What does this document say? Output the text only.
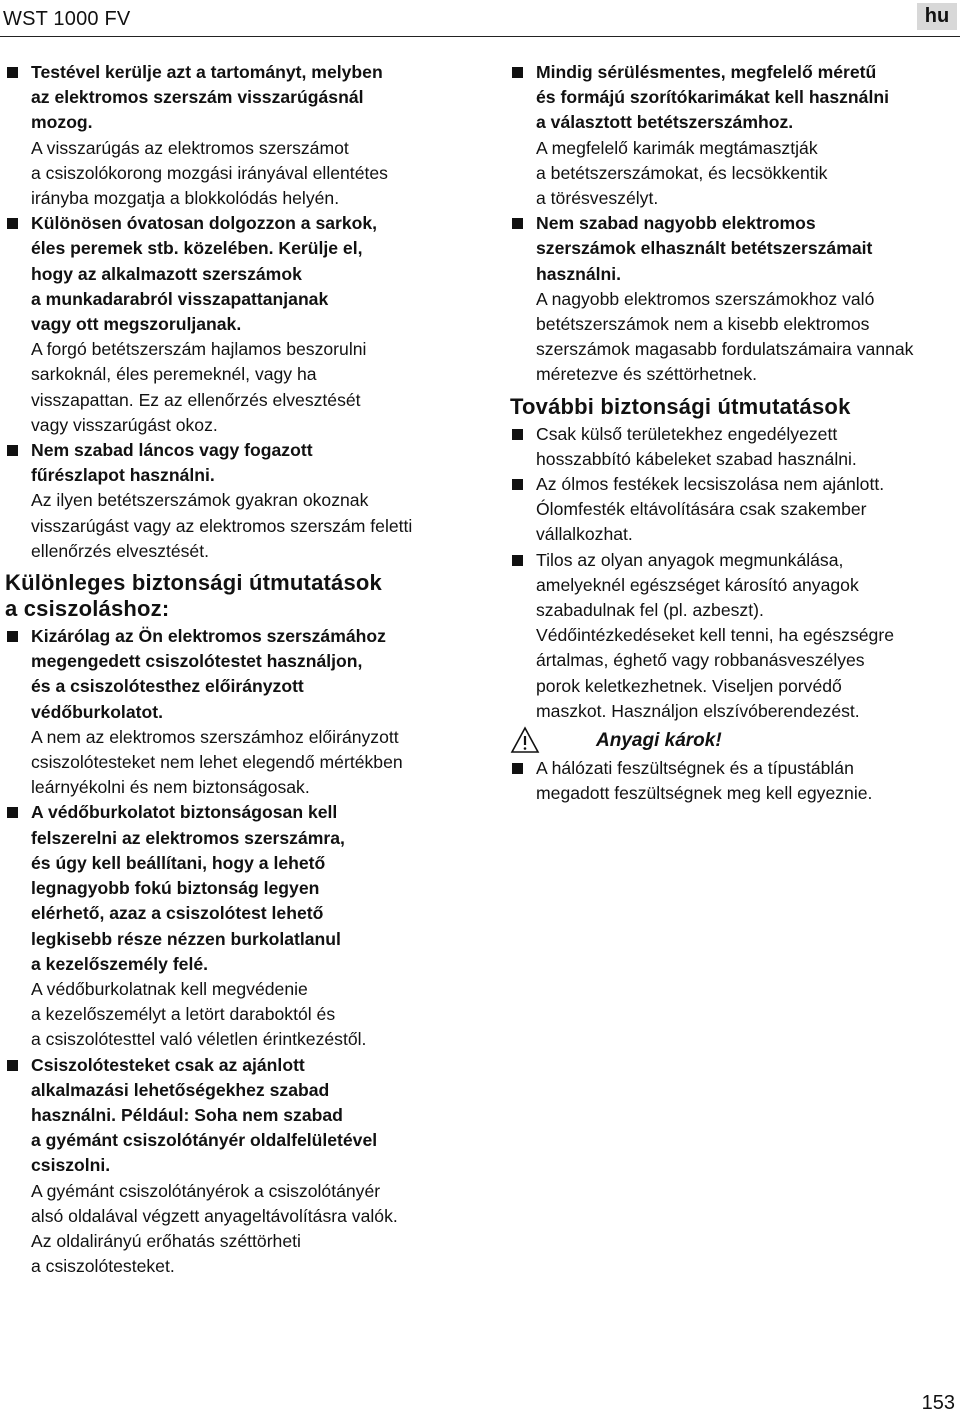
WST 1000 FV	hu
Testével kerülje azt a tartományt, melyben
az elektromos szerszám visszarúgásnál
mozog.
A visszarúgás az elektromos szerszámot
a csiszolókorong mozgási irányával ellentétes
irányba mozgatja a blokkolódás helyén.
Különösen óvatosan dolgozzon a sarkok,
éles peremek stb. közelében. Kerülje el,
hogy az alkalmazott szerszámok
a munkadarabról visszapattanjanak
vagy ott megszoruljanak.
A forgó betétszerszám hajlamos beszorulni
sarkoknál, éles peremeknél, vagy ha
visszapattan. Ez az ellenőrzés elvesztését
vagy visszarúgást okoz.
Nem szabad láncos vagy fogazott
fűrészlapot használni.
Az ilyen betétszerszámok gyakran okoznak
visszarúgást vagy az elektromos szerszám feletti
ellenőrzés elvesztését.
Különleges biztonsági útmutatások
a csiszoláshoz:
Kizárólag az Ön elektromos szerszámához
megengedett csiszolótestet használjon,
és a csiszolótesthez előirányzott
védőburkolatot.
A nem az elektromos szerszámhoz előirányzott
csiszolótesteket nem lehet elegendő mértékben
leárnyékolni és nem biztonságosak.
A védőburkolatot biztonságosan kell
felszerelni az elektromos szerszámra,
és úgy kell beállítani, hogy a lehető
legnagyobb fokú biztonság legyen
elérhető, azaz a csiszolótest lehető
legkisebb része nézzen burkolatlanul
a kezelőszemély felé.
A védőburkolatnak kell megvédenie
a kezelőszemélyt a letört daraboktól és
a csiszolótesttel való véletlen érintkezéstől.
Csiszolótesteket csak az ajánlott
alkalmazási lehetőségekhez szabad
használni. Például: Soha nem szabad
a gyémánt csiszolótányér oldalfelületével
csiszolni.
A gyémánt csiszolótányérok a csiszolótányér
alsó oldalával végzett anyageltávolításra valók.
Az oldalirányú erőhatás széttörheti
a csiszolótesteket.
Mindig sérülésmentes, megfelelő méretű
és formájú szorítókarimákat kell használni
a választott betétszerszámhoz.
A megfelelő karimák megtámasztják
a betétszerszámokat, és lecsökkentik
a törésveszélyt.
Nem szabad nagyobb elektromos
szerszámok elhasznált betétszerszámait
használni.
A nagyobb elektromos szerszámokhoz való
betétszerszámok nem a kisebb elektromos
szerszámok magasabb fordulatszámaira vannak
méretezve és széttörhetnek.
További biztonsági útmutatások
Csak külső területekhez engedélyezett
hosszabbító kábeleket szabad használni.
Az ólmos festékek lecsiszolása nem ajánlott.
Ólomfesték eltávolítására csak szakember
vállalkozhat.
Tilos az olyan anyagok megmunkálása,
amelyeknél egészséget károsító anyagok
szabadulnak fel (pl. azbeszt).
Védőintézkedéseket kell tenni, ha egészségre
ártalmas, éghető vagy robbanásveszélyes
porok keletkezhetnek. Viseljen porvédő
maszkot. Használjon elszívóberendezést.
Anyagi károk!
A hálózati feszültségnek és a típustáblán
megadott feszültségnek meg kell egyeznie.
153
